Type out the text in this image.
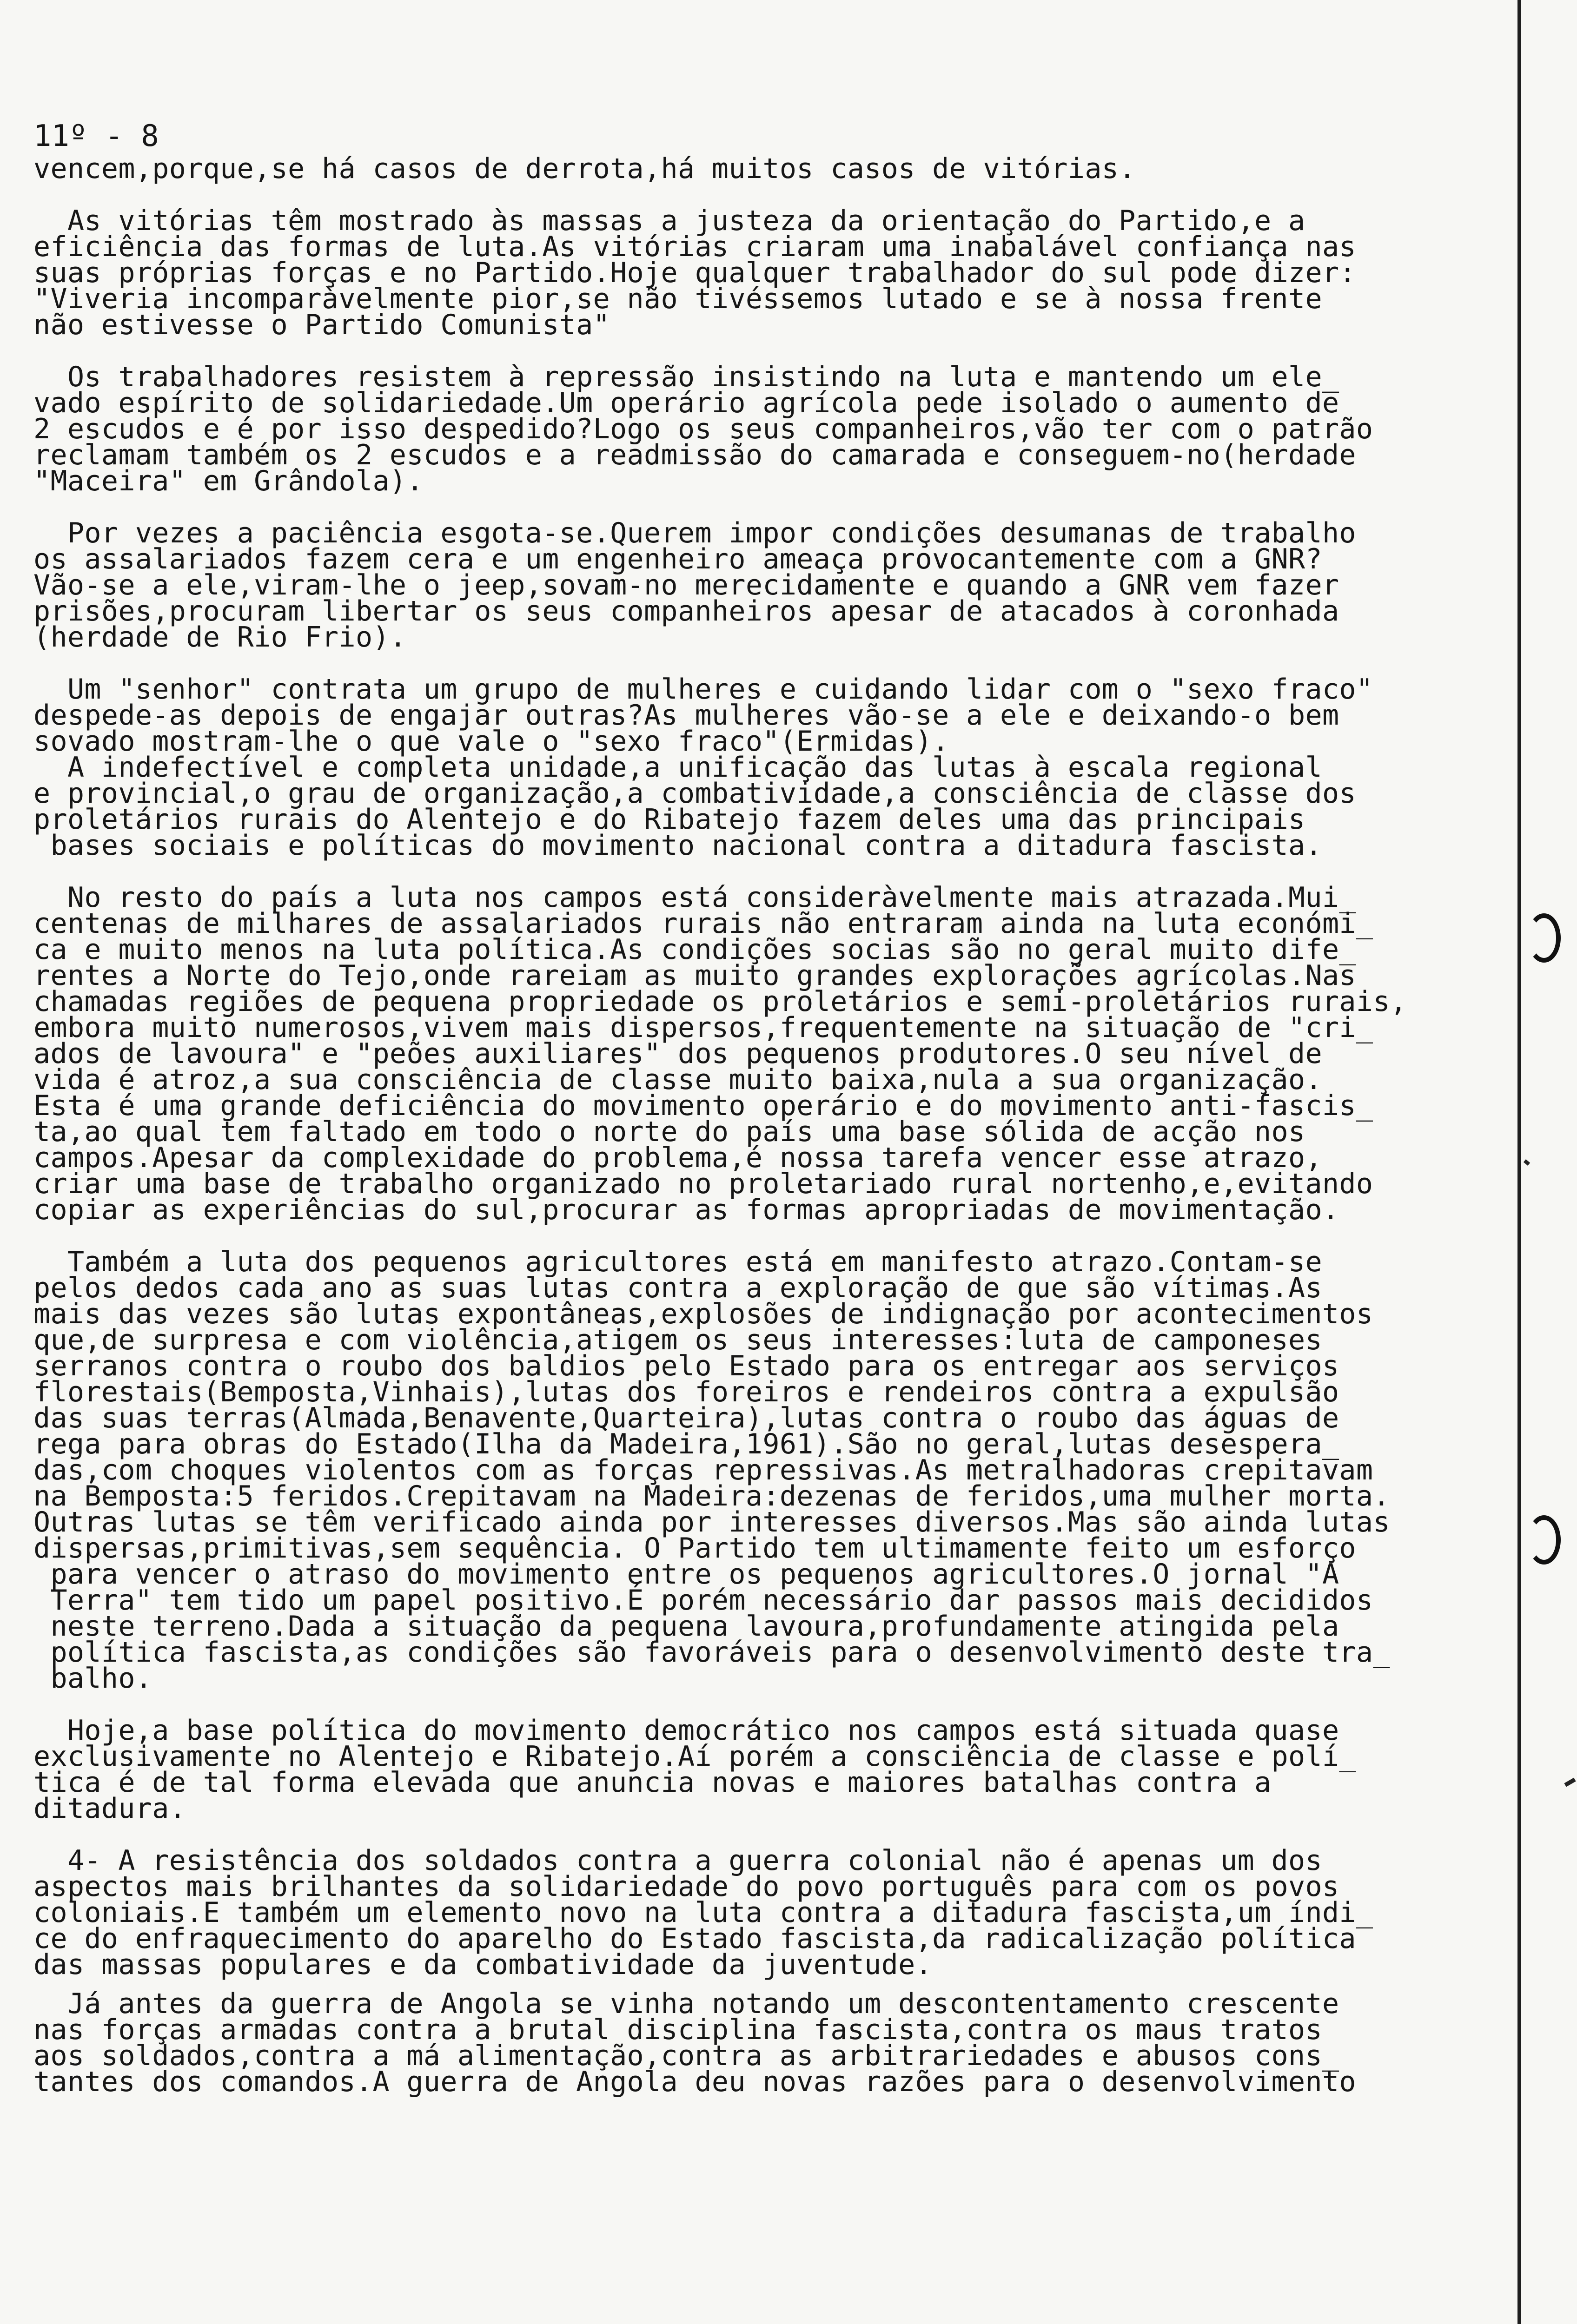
11º - 8
vencem,porque,se há casos de derrota,há muitos casos de vitórias.
As vitórias têm mostrado às massas a justeza da orientação do Partido,e a
eficiência das formas de luta.As vitórias criaram uma inabalável confiança nas
suas próprias forças e no Partido.Hoje qualquer trabalhador do sul pode dizer:
"Viveria incomparàvelmente pior,se não tivéssemos lutado e se à nossa frente
não estivesse o Partido Comunista"
Os trabalhadores resistem à repressão insistindo na luta e mantendo um ele_
vado espírito de solidariedade.Um operário agrícola pede isolado o aumento de
2 escudos e é por isso despedido?Logo os seus companheiros,vão ter com o patrão
reclamam também os 2 escudos e a readmissão do camarada e conseguem-no(herdade
"Maceira" em Grândola).
Por vezes a paciência esgota-se.Querem impor condições desumanas de trabalho
os assalariados fazem cera e um engenheiro ameaça provocantemente com a GNR?
Vão-se a ele,viram-lhe o jeep,sovam-no merecidamente e quando a GNR vem fazer
prisões,procuram libertar os seus companheiros apesar de atacados à coronhada
(herdade de Rio Frio).
Um "senhor" contrata um grupo de mulheres e cuidando lidar com o "sexo fraco"
despede-as depois de engajar outras?As mulheres vão-se a ele e deixando-o bem
sovado mostram-lhe o que vale o "sexo fraco"(Ermidas).
A indefectível e completa unidade,a unificação das lutas à escala regional
e provincial,o grau de organização,a combatividade,a consciência de classe dos
proletários rurais do Alentejo e do Ribatejo fazem deles uma das principais
bases sociais e políticas do movimento nacional contra a ditadura fascista.
No resto do país a luta nos campos está consideràvelmente mais atrazada.Mui_
centenas de milhares de assalariados rurais não entraram ainda na luta económi_
ca e muito menos na luta política.As condições socias são no geral muito dife_
rentes a Norte do Tejo,onde rareiam as muito grandes explorações agrícolas.Nas
chamadas regiões de pequena propriedade os proletários e semi-proletários rurais,
embora muito numerosos,vivem mais dispersos,frequentemente na situação de "cri_
ados de lavoura" e "peões auxiliares" dos pequenos produtores.O seu nível de
vida é atroz,a sua consciência de classe muito baixa,nula a sua organização.
Esta é uma grande deficiência do movimento operário e do movimento anti-fascis_
ta,ao qual tem faltado em todo o norte do país uma base sólida de acção nos
campos.Apesar da complexidade do problema,é nossa tarefa vencer esse atrazo,
criar uma base de trabalho organizado no proletariado rural nortenho,e,evitando
copiar as experiências do sul,procurar as formas apropriadas de movimentação.
Também a luta dos pequenos agricultores está em manifesto atrazo.Contam-se
pelos dedos cada ano as suas lutas contra a exploração de que são vítimas.As
mais das vezes são lutas expontâneas,explosões de indignação por acontecimentos
que,de surpresa e com violência,atigem os seus interesses:luta de camponeses
serranos contra o roubo dos baldios pelo Estado para os entregar aos serviços
florestais(Bemposta,Vinhais),lutas dos foreiros e rendeiros contra a expulsão
das suas terras(Almada,Benavente,Quarteira),lutas contra o roubo das águas de
rega para obras do Estado(Ilha da Madeira,1961).São no geral,lutas desespera_
das,com choques violentos com as forças repressivas.As metralhadoras crepitavam
na Bemposta:5 feridos.Crepitavam na Madeira:dezenas de feridos,uma mulher morta.
Outras lutas se têm verificado ainda por interesses diversos.Mas são ainda lutas
dispersas,primitivas,sem sequência. O Partido tem ultimamente feito um esforço
para vencer o atraso do movimento entre os pequenos agricultores.O jornal "A
Terra" tem tido um papel positivo.É porém necessário dar passos mais decididos
neste terreno.Dada a situação da pequena lavoura,profundamente atingida pela
política fascista,as condições são favoráveis para o desenvolvimento deste tra_
balho.
Hoje,a base política do movimento democrático nos campos está situada quase
exclusivamente no Alentejo e Ribatejo.Aí porém a consciência de classe e polí_
tica é de tal forma elevada que anuncia novas e maiores batalhas contra a
ditadura.
4- A resistência dos soldados contra a guerra colonial não é apenas um dos
aspectos mais brilhantes da solidariedade do povo português para com os povos
coloniais.E também um elemento novo na luta contra a ditadura fascista,um índi_
ce do enfraquecimento do aparelho do Estado fascista,da radicalização política
das massas populares e da combatividade da juventude.
Já antes da guerra de Angola se vinha notando um descontentamento crescente
nas forças armadas contra a brutal disciplina fascista,contra os maus tratos
aos soldados,contra a má alimentação,contra as arbitrariedades e abusos cons_
tantes dos comandos.A guerra de Angola deu novas razões para o desenvolvimento
